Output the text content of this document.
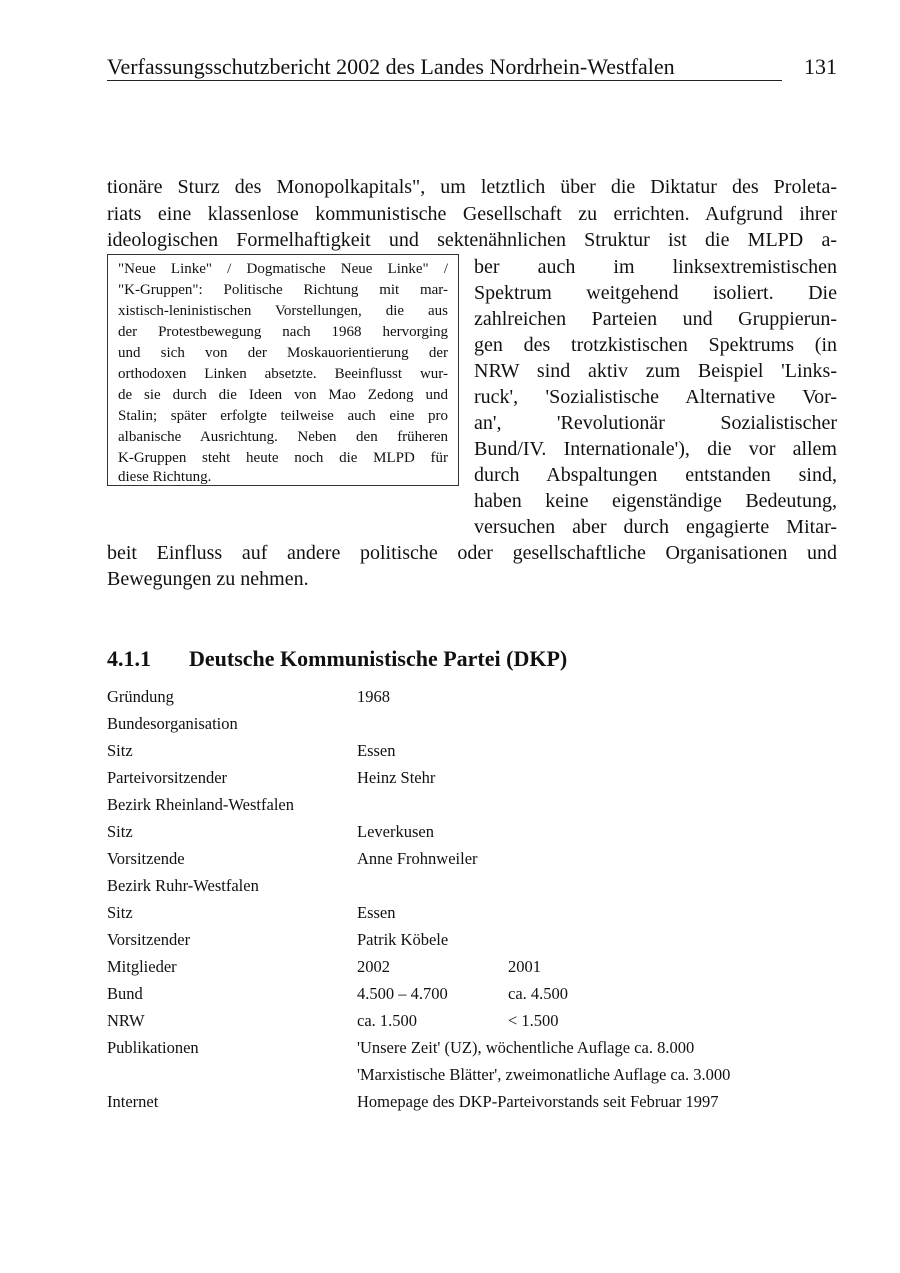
Verfassungsschutzbericht 2002 des Landes Nordrhein-Westfalen	131
tionäre Sturz des Monopolkapitals", um letztlich über die Diktatur des Proleta-
riats eine klassenlose kommunistische Gesellschaft zu errichten. Aufgrund ihrer
ideologischen Formelhaftigkeit und sektenähnlichen Struktur ist die MLPD a-
"Neue Linke" / Dogmatische Neue Linke" /
"K-Gruppen": Politische Richtung mit mar-
xistisch-leninistischen Vorstellungen, die aus
der Protestbewegung nach 1968 hervorging
und sich von der Moskauorientierung der
orthodoxen Linken absetzte. Beeinflusst wur-
de sie durch die Ideen von Mao Zedong und
Stalin; später erfolgte teilweise auch eine pro
albanische Ausrichtung. Neben den früheren
K-Gruppen steht heute noch die MLPD für
diese Richtung.
ber auch im linksextremistischen
Spektrum weitgehend isoliert. Die
zahlreichen Parteien und Gruppierun-
gen des trotzkistischen Spektrums (in
NRW sind aktiv zum Beispiel 'Links-
ruck', 'Sozialistische Alternative Vor-
an', 'Revolutionär Sozialistischer
Bund/IV. Internationale'), die vor allem
durch Abspaltungen entstanden sind,
haben keine eigenständige Bedeutung,
versuchen aber durch engagierte Mitar-
beit Einfluss auf andere politische oder gesellschaftliche Organisationen und
Bewegungen zu nehmen.
4.1.1 Deutsche Kommunistische Partei (DKP)
Gründung	1968
Bundesorganisation
Sitz	Essen
Parteivorsitzender	Heinz Stehr
Bezirk Rheinland-Westfalen
Sitz	Leverkusen
Vorsitzende	Anne Frohnweiler
Bezirk Ruhr-Westfalen
Sitz	Essen
Vorsitzender	Patrik Köbele
Mitglieder	2002	2001
Bund	4.500 – 4.700	ca. 4.500
NRW	ca. 1.500	< 1.500
Publikationen	'Unsere Zeit' (UZ), wöchentliche Auflage ca. 8.000
'Marxistische Blätter', zweimonatliche Auflage ca. 3.000
Internet	Homepage des DKP-Parteivorstands seit Februar 1997
